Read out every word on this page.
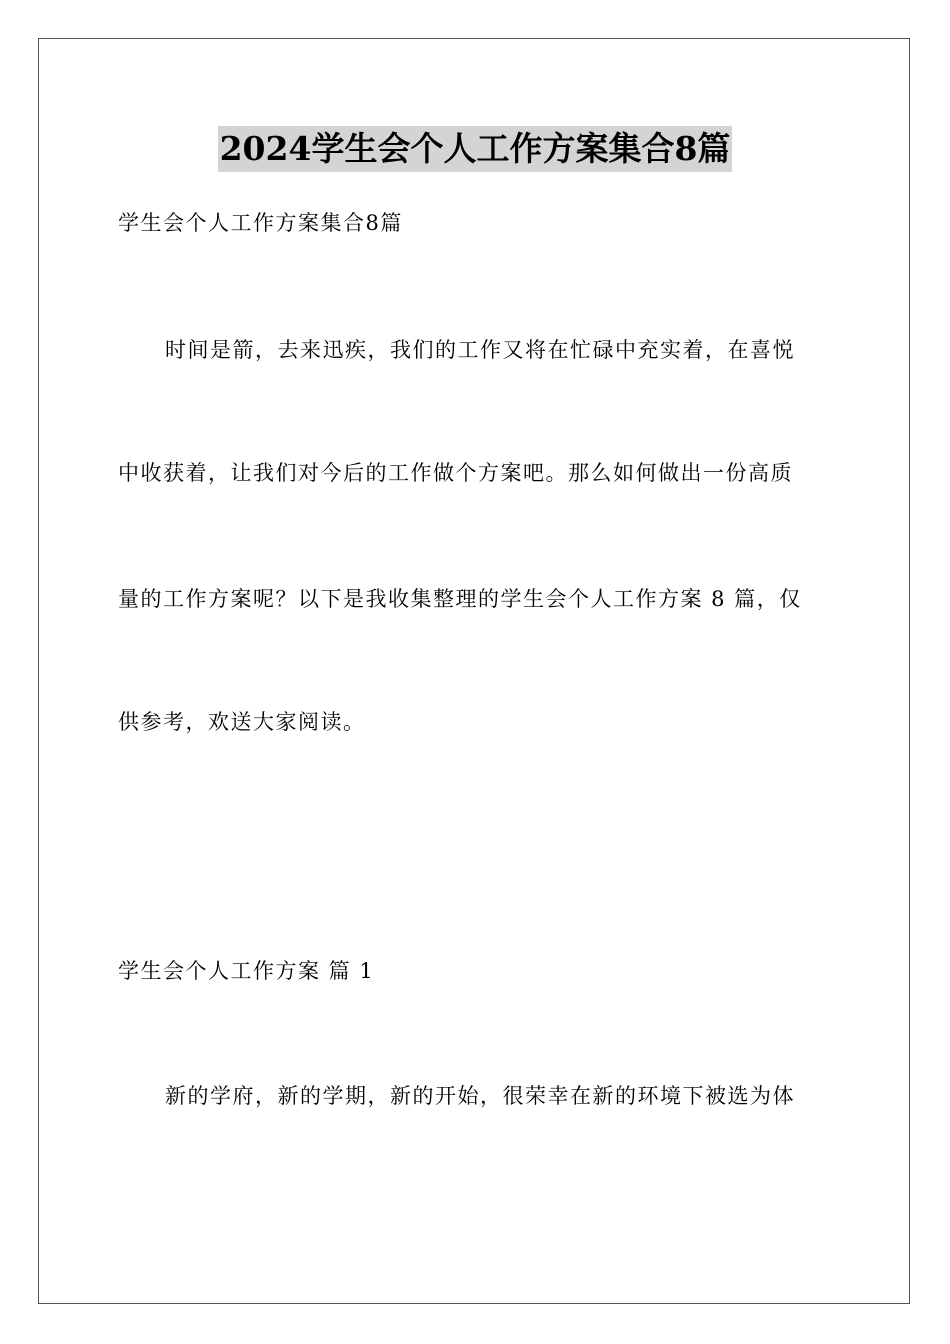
2024学生会个人工作方案集合8篇
学生会个人工作方案集合8篇
时间是箭，去来迅疾，我们的工作又将在忙碌中充实着，在喜悦
中收获着，让我们对今后的工作做个方案吧。那么如何做出一份高质
量的工作方案呢？以下是我收集整理的学生会个人工作方案 8 篇，仅
供参考，欢送大家阅读。
学生会个人工作方案 篇 1
新的学府，新的学期，新的开始，很荣幸在新的环境下被选为体
